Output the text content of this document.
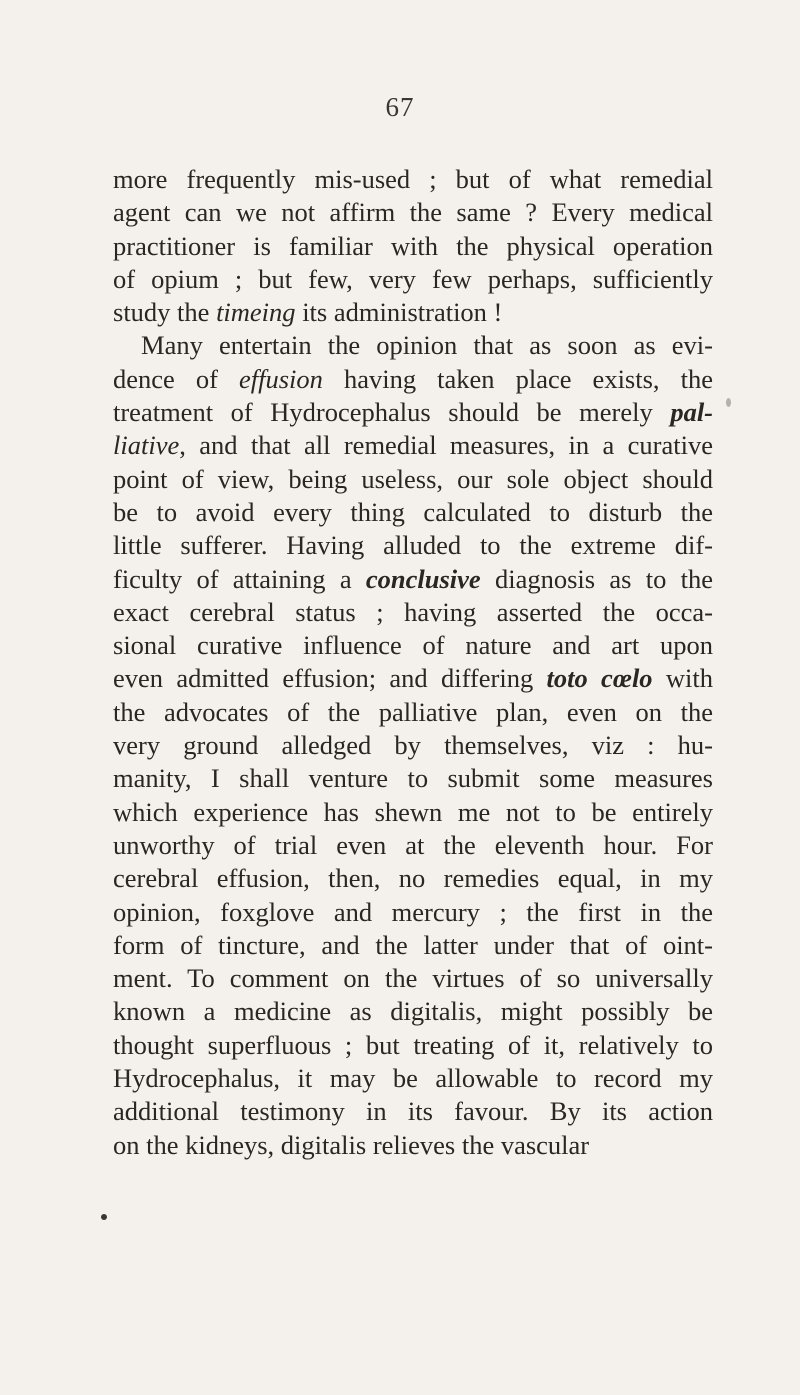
67
more frequently mis-used ; but of what remedial
agent can we not affirm the same ? Every medical
practitioner is familiar with the physical operation
of opium ; but few, very few perhaps, sufficiently
study the timeing its administration !
Many entertain the opinion that as soon as evi-
dence of effusion having taken place exists, the
treatment of Hydrocephalus should be merely pal-
liative, and that all remedial measures, in a curative
point of view, being useless, our sole object should
be to avoid every thing calculated to disturb the
little sufferer. Having alluded to the extreme dif-
ficulty of attaining a conclusive diagnosis as to the
exact cerebral status ; having asserted the occa-
sional curative influence of nature and art upon
even admitted effusion; and differing toto cœlo with
the advocates of the palliative plan, even on the
very ground alledged by themselves, viz : hu-
manity, I shall venture to submit some measures
which experience has shewn me not to be entirely
unworthy of trial even at the eleventh hour. For
cerebral effusion, then, no remedies equal, in my
opinion, foxglove and mercury ; the first in the
form of tincture, and the latter under that of oint-
ment. To comment on the virtues of so universally
known a medicine as digitalis, might possibly be
thought superfluous ; but treating of it, relatively to
Hydrocephalus, it may be allowable to record my
additional testimony in its favour. By its action
on the kidneys, digitalis relieves the vascular
